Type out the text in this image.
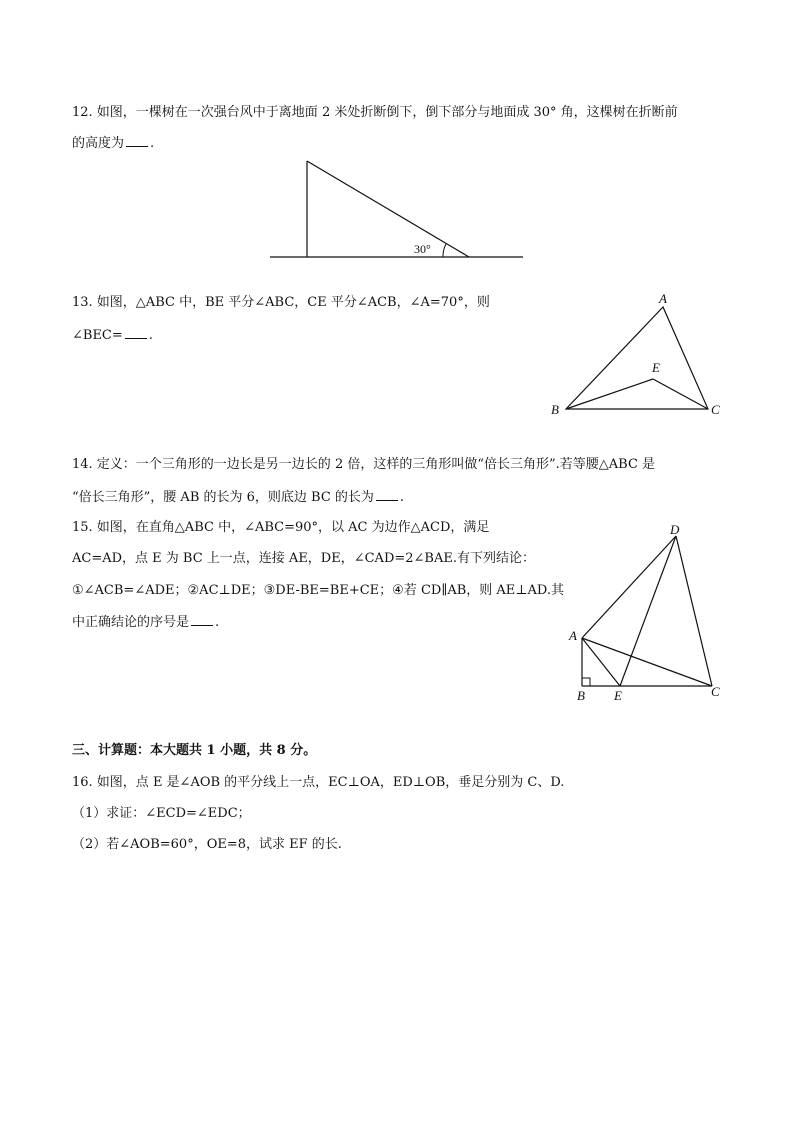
12. 如图，一棵树在一次强台风中于离地面 2 米处折断倒下，倒下部分与地面成 30° 角，这棵树在折断前
的高度为 .
30°
13. 如图，△ABC 中，BE 平分∠ABC，CE 平分∠ACB，∠A=70°，则
∠BEC= .
A
B	C
E
14. 定义：一个三角形的一边长是另一边长的 2 倍，这样的三角形叫做“倍长三角形”.若等腰△ABC 是
“倍长三角形”，腰 AB 的长为 6，则底边 BC 的长为 .
15. 如图，在直角△ABC 中，∠ABC=90°，以 AC 为边作△ACD，满足
AC=AD，点 E 为 BC 上一点，连接 AE，DE，∠CAD=2∠BAE.有下列结论：
①∠ACB=∠ADE；②AC⊥DE；③DE-BE=BE+CE；④若 CD∥AB，则 AE⊥AD.其
中正确结论的序号是 .
A
B	C
D
E
三、计算题：本大题共 1 小题，共 8 分。
16. 如图，点 E 是∠AOB 的平分线上一点，EC⊥OA，ED⊥OB，垂足分别为 C、D.
（1）求证：∠ECD=∠EDC；
（2）若∠AOB=60°，OE=8，试求 EF 的长.
